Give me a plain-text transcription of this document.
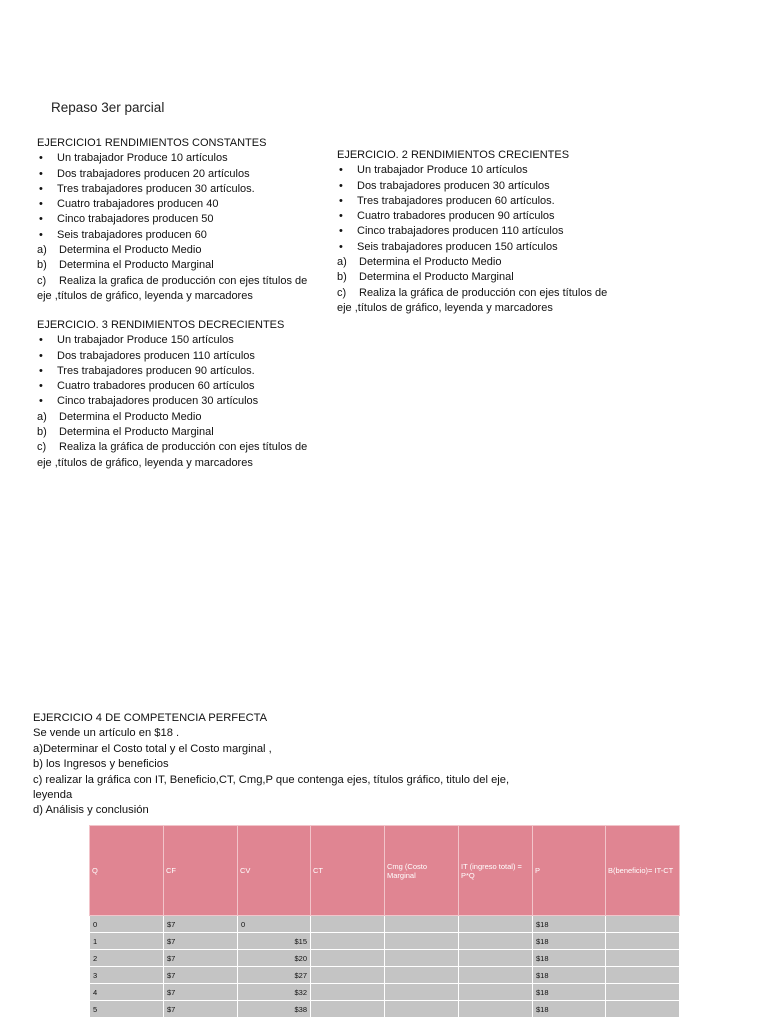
Repaso 3er parcial
EJERCICIO1 RENDIMIENTOS CONSTANTES
• Un trabajador Produce 10 artículos
• Dos trabajadores producen 20 artículos
• Tres trabajadores producen 30 artículos.
• Cuatro trabajadores producen 40
• Cinco trabajadores producen 50
• Seis trabajadores producen 60
a)	Determina el Producto Medio
b)	Determina el Producto Marginal
c)	Realiza la grafica de producción con ejes títulos de
eje ,títulos de gráfico, leyenda y marcadores
EJERCICIO. 2 RENDIMIENTOS CRECIENTES
• Un trabajador Produce 10 artículos
• Dos trabajadores producen 30 artículos
• Tres trabajadores producen 60 artículos.
• Cuatro trabadores producen 90 artículos
• Cinco trabajadores producen 110 artículos
• Seis trabajadores producen 150 artículos
a)	Determina el Producto Medio
b)	Determina el Producto Marginal
c)	Realiza la gráfica de producción con ejes títulos de
eje ,títulos de gráfico, leyenda y marcadores
EJERCICIO. 3 RENDIMIENTOS DECRECIENTES
• Un trabajador Produce 150 artículos
• Dos trabajadores producen 110 artículos
• Tres trabajadores producen 90 artículos.
• Cuatro trabadores producen 60 artículos
• Cinco trabajadores producen 30 artículos
a)	Determina el Producto Medio
b)	Determina el Producto Marginal
c)	Realiza la gráfica de producción con ejes títulos de
eje ,títulos de gráfico, leyenda y marcadores
EJERCICIO 4 DE COMPETENCIA PERFECTA
Se vende un artículo en $18 .
a)Determinar el Costo total y el Costo marginal ,
b) los Ingresos y beneficios
c) realizar la gráfica con IT, Beneficio,CT, Cmg,P que contenga ejes, títulos gráfico, titulo del eje,
leyenda
d) Análisis y conclusión
Q	CF	CV	CT	Cmg (Costo Marginal	IT (ingreso total) = P*Q	P	B(beneficio)= IT-CT
0	$7	0				$18	
1	$7	$15				$18	
2	$7	$20				$18	
3	$7	$27				$18	
4	$7	$32				$18	
5	$7	$38				$18	
